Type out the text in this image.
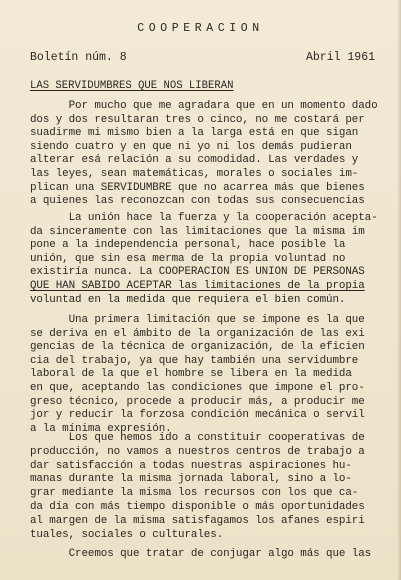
COOPERACION
Boletín núm. 8	Abril 1961
LAS SERVIDUMBRES QUE NOS LIBERAN
Por mucho que me agradara que en un momento dado
dos y dos resultaran tres o cinco, no me costará per
suadirme mi mismo bien a la larga está en que sigan
siendo cuatro y en que ni yo ni los demás pudieran
alterar esá relación a su comodidad. Las verdades y
las leyes, sean matemáticas, morales o sociales im-
plican una SERVIDUMBRE que no acarrea más que bienes
a quienes las reconozcan con todas sus consecuencias
La unión hace la fuerza y la cooperación acepta-
da sinceramente con las limitaciones que la misma im
pone a la independencia personal, hace posible la
unión, que sin esa merma de la propia voluntad no
existiría nunca. La COOPERACION ES UNION DE PERSONAS
QUE HAN SABIDO ACEPTAR las limitaciones de la propia
voluntad en la medida que requiera el bien común.
Una primera limitación que se impone es la que
se deriva en el ámbito de la organización de las exi
gencias de la técnica de organización, de la eficien
cia del trabajo, ya que hay también una servidumbre
laboral de la que el hombre se libera en la medida
en que, aceptando las condiciones que impone el pro-
greso técnico, procede a producir más, a producir me
jor y reducir la forzosa condición mecánica o servil
a la mínima expresión.
Los que hemos ido a constituir cooperativas de
producción, no vamos a nuestros centros de trabajo a
dar satisfacción a todas nuestras aspiraciones hu-
manas durante la misma jornada laboral, sino a lo-
grar mediante la misma los recursos con los que ca-
da día con más tiempo disponible o más oportunidades
al margen de la misma satisfagamos los afanes espiri
tuales, sociales o culturales.
Creemos que tratar de conjugar algo más que las
